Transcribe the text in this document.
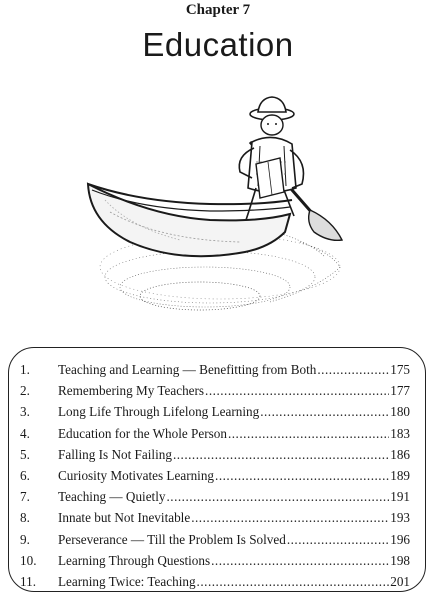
Chapter 7
Education
1.	Teaching and Learning — Benefitting from Both .....	175
2.	Remembering My Teachers .....	177
3.	Long Life Through Lifelong Learning .....	180
4.	Education for the Whole Person .....	183
5.	Falling Is Not Failing .....	186
6.	Curiosity Motivates Learning .....	189
7.	Teaching — Quietly .....	191
8.	Innate but Not Inevitable .....	193
9.	Perseverance — Till the Problem Is Solved .....	196
10.	Learning Through Questions .....	198
11.	Learning Twice: Teaching .....	201
